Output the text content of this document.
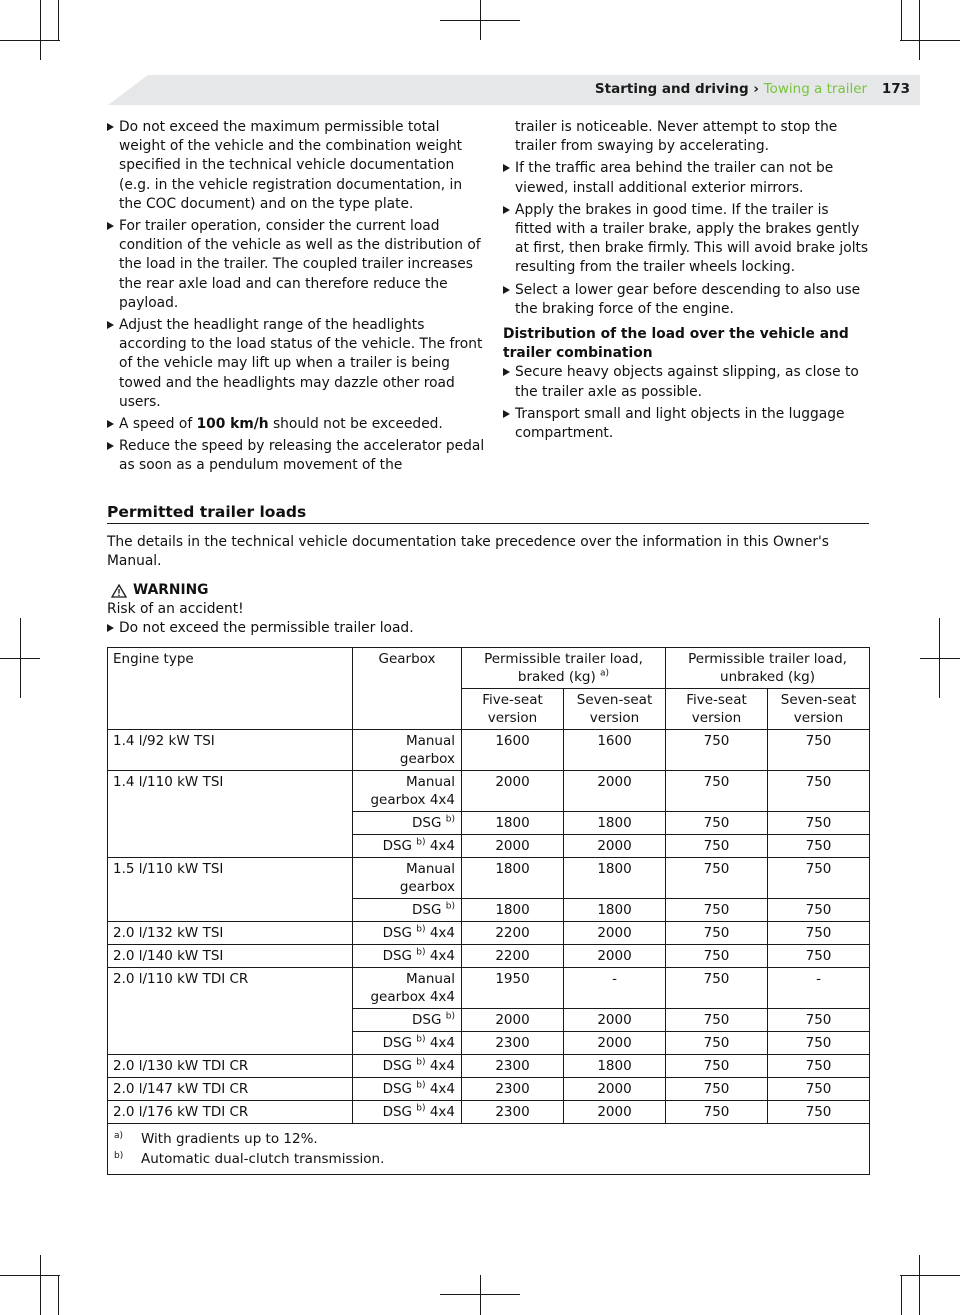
Starting and driving › Towing a trailer 173
Do not exceed the maximum permissible total weight of the vehicle and the combination weight specified in the technical vehicle documentation (e.g. in the vehicle registration documentation, in the COC document) and on the type plate.
For trailer operation, consider the current load condition of the vehicle as well as the distribution of the load in the trailer. The coupled trailer increases the rear axle load and can therefore reduce the payload.
Adjust the headlight range of the headlights according to the load status of the vehicle. The front of the vehicle may lift up when a trailer is being towed and the headlights may dazzle other road users.
A speed of 100 km/h should not be exceeded.
Reduce the speed by releasing the accelerator pedal as soon as a pendulum movement of the
trailer is noticeable. Never attempt to stop the trailer from swaying by accelerating.
If the traffic area behind the trailer can not be viewed, install additional exterior mirrors.
Apply the brakes in good time. If the trailer is fitted with a trailer brake, apply the brakes gently at first, then brake firmly. This will avoid brake jolts resulting from the trailer wheels locking.
Select a lower gear before descending to also use the braking force of the engine.
Distribution of the load over the vehicle and trailer combination
Secure heavy objects against slipping, as close to the trailer axle as possible.
Transport small and light objects in the luggage compartment.
Permitted trailer loads
The details in the technical vehicle documentation take precedence over the information in this Owner's Manual.
WARNING
Risk of an accident!
Do not exceed the permissible trailer load.
Engine type	Gearbox	Permissible trailer load, braked (kg) $^{a)}$		Permissible trailer load, unbraked (kg)	
		Five-seat version	Seven-seat version	Five-seat version	Seven-seat version
1.4 l/92 kW TSI	Manual gearbox	1600	1600	750	750
1.4 l/110 kW TSI	Manual gearbox 4x4	2000	2000	750	750
	DSG $^{b)}$	1800	1800	750	750
	DSG $^{b)}$ 4x4	2000	2000	750	750
1.5 l/110 kW TSI	Manual gearbox	1800	1800	750	750
	DSG $^{b)}$	1800	1800	750	750
2.0 l/132 kW TSI	DSG $^{b)}$ 4x4	2200	2000	750	750
2.0 l/140 kW TSI	DSG $^{b)}$ 4x4	2200	2000	750	750
2.0 l/110 kW TDI CR	Manual gearbox 4x4	1950	-	750	-
	DSG $^{b)}$	2000	2000	750	750
	DSG $^{b)}$ 4x4	2300	2000	750	750
2.0 l/130 kW TDI CR	DSG $^{b)}$ 4x4	2300	1800	750	750
2.0 l/147 kW TDI CR	DSG $^{b)}$ 4x4	2300	2000	750	750
2.0 l/176 kW TDI CR	DSG $^{b)}$ 4x4	2300	2000	750	750

a) With gradients up to 12%.
b) Automatic dual-clutch transmission.					
